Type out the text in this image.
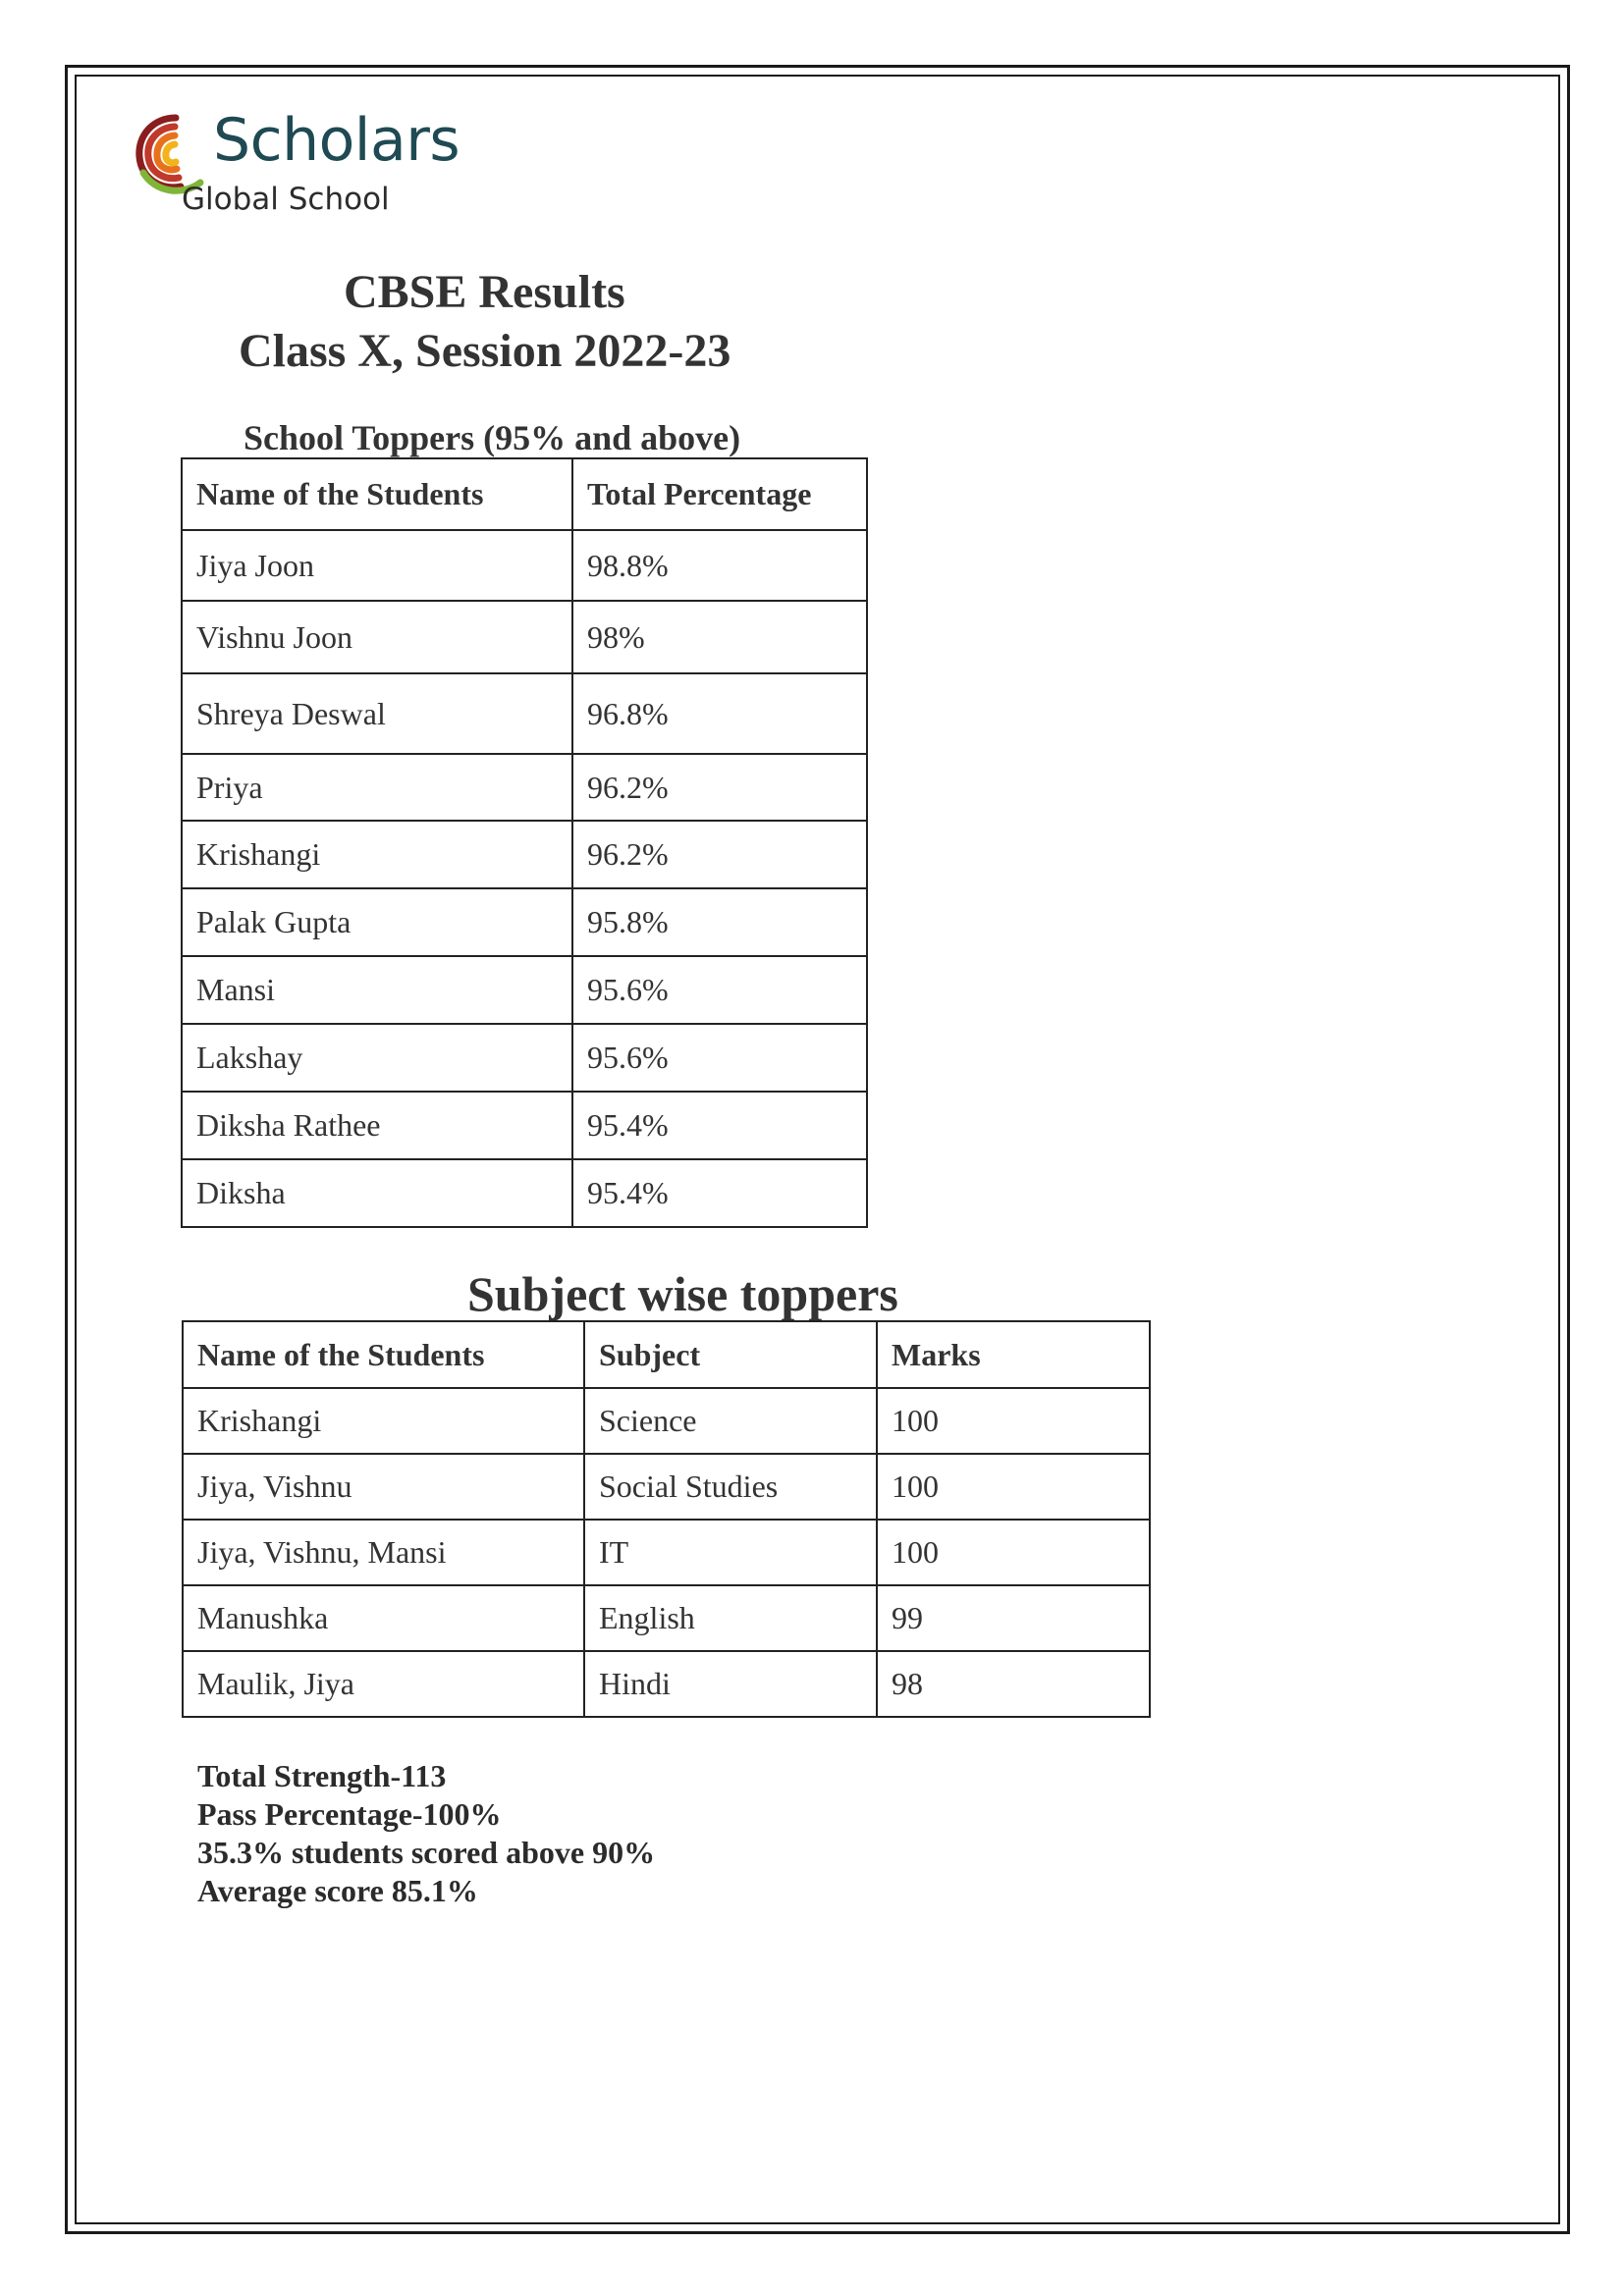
Scholars
Global School
CBSE Results
Class X, Session 2022-23
School Toppers (95% and above)
Name of the Students	Total Percentage
Jiya Joon	98.8%
Vishnu Joon	98%
Shreya Deswal	96.8%
Priya	96.2%
Krishangi	96.2%
Palak Gupta	95.8%
Mansi	95.6%
Lakshay	95.6%
Diksha Rathee	95.4%
Diksha	95.4%
Subject wise toppers
Name of the Students	Subject	Marks
Krishangi	Science	100
Jiya, Vishnu	Social Studies	100
Jiya, Vishnu, Mansi	IT	100
Manushka	English	99
Maulik, Jiya	Hindi	98
Total Strength-113
Pass Percentage-100%
35.3% students scored above 90%
Average score 85.1%
